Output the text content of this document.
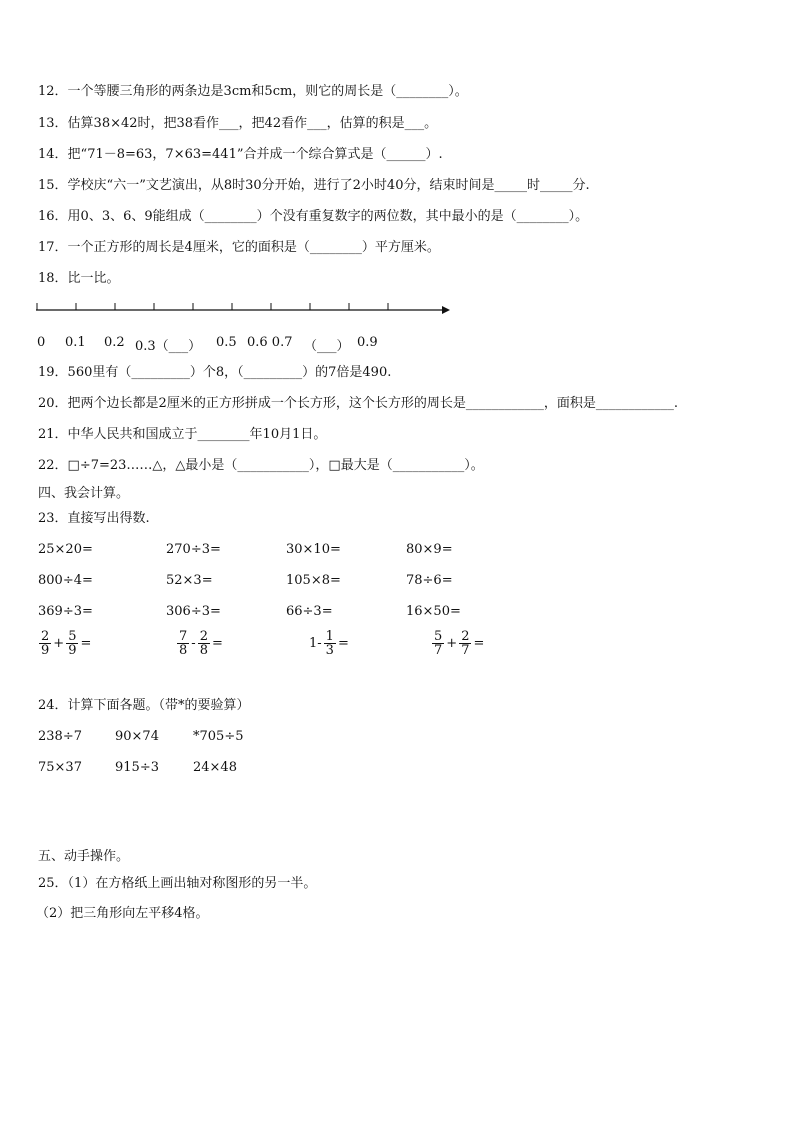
12．一个等腰三角形的两条边是3cm和5cm，则它的周长是（________）。
13．估算38×42时，把38看作___，把42看作___，估算的积是___。
14．把“71－8=63，7×63=441”合并成一个综合算式是（______）.
15．学校庆“六一”文艺演出，从8时30分开始，进行了2小时40分，结束时间是_____时_____分.
16．用0、3、6、9能组成（________）个没有重复数字的两位数，其中最小的是（________）。
17．一个正方形的周长是4厘米，它的面积是（________）平方厘米。
18．比一比。
0 0.1 0.2 0.3（___） 0.5 0.6 0.7 （___） 0.9
19．560里有（_________）个8，（_________）的7倍是490.
20．把两个边长都是2厘米的正方形拼成一个长方形，这个长方形的周长是____________，面积是____________.
21．中华人民共和国成立于________年10月1日。
22．□÷7=23……△，△最小是（___________），□最大是（___________）。
四、我会计算。
23．直接写出得数.
25×20=	270÷3=	30×10=	80×9=
800÷4=	52×3=	105×8=	78÷6=
369÷3=	306÷3=	66÷3=	16×50=
$\frac{2}{9} + \frac{5}{9}$ =	$\frac{7}{8} - \frac{2}{8}$ =	$1- \frac{1}{3}$ =	$\frac{5}{7} + \frac{2}{7}$ =
24．计算下面各题。（带*的要验算）
238÷7	90×74	*705÷5
75×37	915÷3	24×48
五、动手操作。
25．（1）在方格纸上画出轴对称图形的另一半。
（2）把三角形向左平移4格。
